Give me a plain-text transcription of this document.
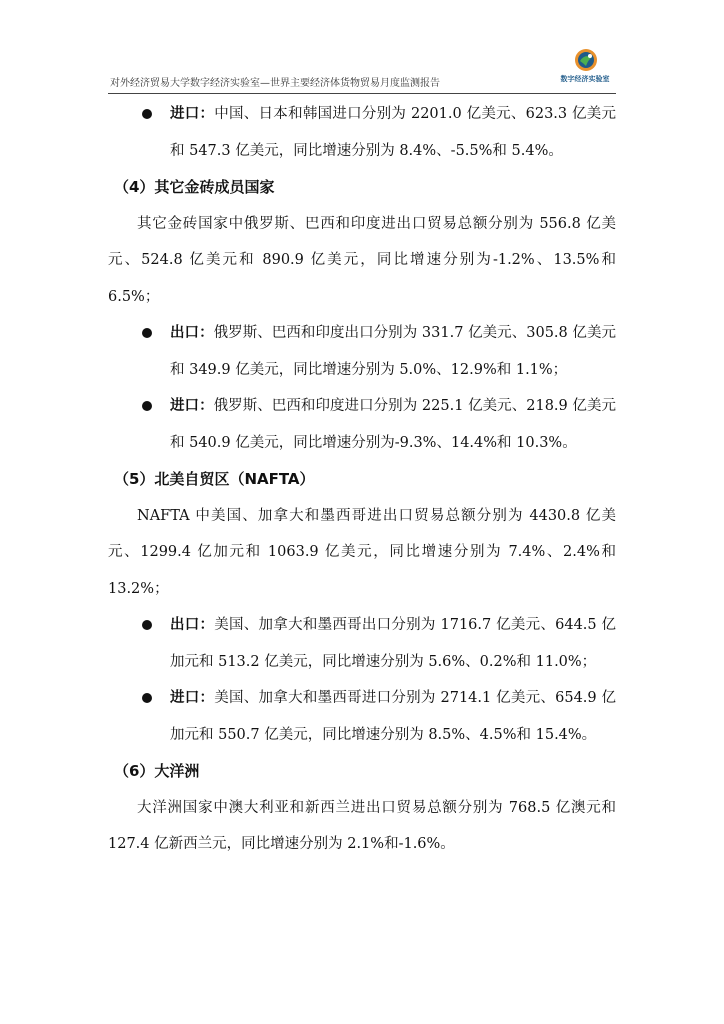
对外经济贸易大学数字经济实验室—世界主要经济体货物贸易月度监测报告	数字经济实验室

进口：中国、日本和韩国进口分别为 2201.0 亿美元、623.3 亿美元和 547.3 亿美元，同比增速分别为 8.4%、-5.5%和 5.4%。

（4）其它金砖成员国家

其它金砖国家中俄罗斯、巴西和印度进出口贸易总额分别为 556.8 亿美元、524.8 亿美元和 890.9 亿美元，同比增速分别为-1.2%、13.5%和 6.5%；

出口：俄罗斯、巴西和印度出口分别为 331.7 亿美元、305.8 亿美元和 349.9 亿美元，同比增速分别为 5.0%、12.9%和 1.1%；

进口：俄罗斯、巴西和印度进口分别为 225.1 亿美元、218.9 亿美元和 540.9 亿美元，同比增速分别为-9.3%、14.4%和 10.3%。

（5）北美自贸区（NAFTA）

NAFTA 中美国、加拿大和墨西哥进出口贸易总额分别为 4430.8 亿美元、1299.4 亿加元和 1063.9 亿美元，同比增速分别为 7.4%、2.4%和 13.2%；

出口：美国、加拿大和墨西哥出口分别为 1716.7 亿美元、644.5 亿加元和 513.2 亿美元，同比增速分别为 5.6%、0.2%和 11.0%；

进口：美国、加拿大和墨西哥进口分别为 2714.1 亿美元、654.9 亿加元和 550.7 亿美元，同比增速分别为 8.5%、4.5%和 15.4%。

（6）大洋洲

大洋洲国家中澳大利亚和新西兰进出口贸易总额分别为 768.5 亿澳元和 127.4 亿新西兰元，同比增速分别为 2.1%和-1.6%。
